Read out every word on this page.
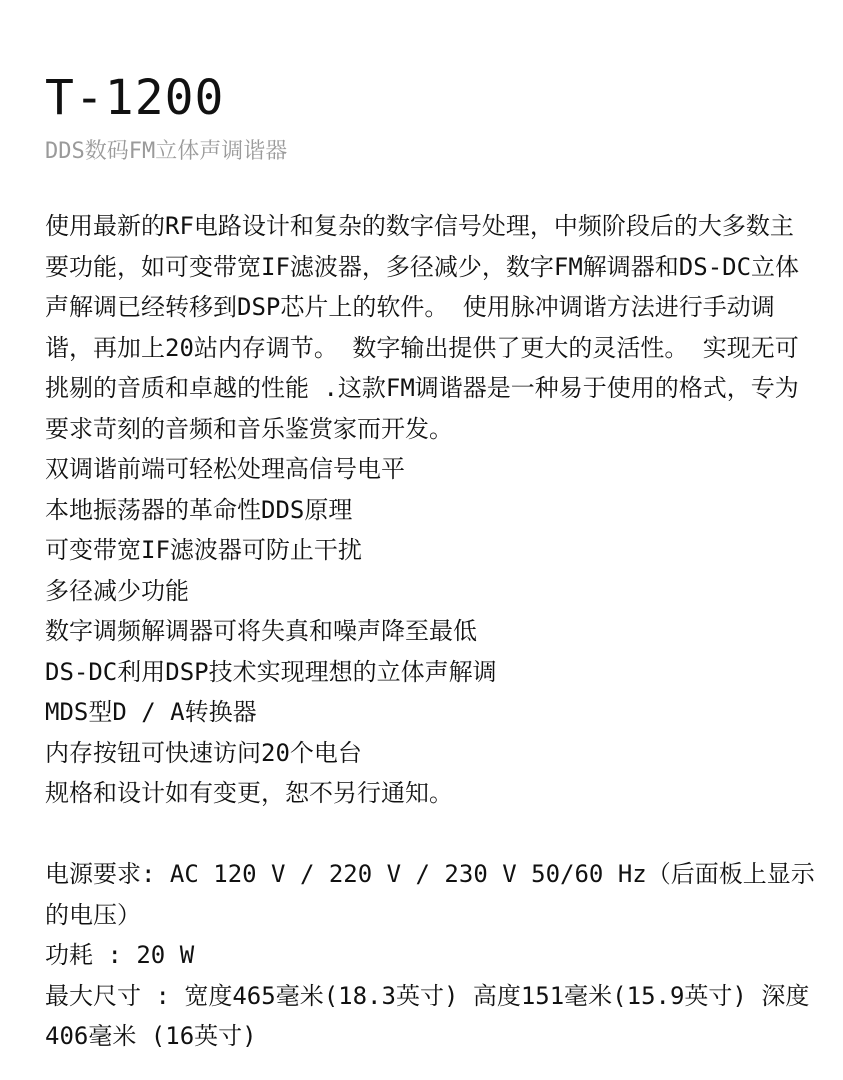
T-1200
DDS数码FM立体声调谐器

使用最新的RF电路设计和复杂的数字信号处理，中频阶段后的大多数主要功能，如可变带宽IF滤波器，多径减少，数字FM解调器和DS-DC立体声解调已经转移到DSP芯片上的软件。 使用脉冲调谐方法进行手动调谐，再加上20站内存调节。 数字输出提供了更大的灵活性。 实现无可挑剔的音质和卓越的性能 .这款FM调谐器是一种易于使用的格式，专为要求苛刻的音频和音乐鉴赏家而开发。

双调谐前端可轻松处理高信号电平
本地振荡器的革命性DDS原理
可变带宽IF滤波器可防止干扰
多径减少功能
数字调频解调器可将失真和噪声降至最低
DS-DC利用DSP技术实现理想的立体声解调
MDS型D / A转换器
内存按钮可快速访问20个电台
规格和设计如有变更，恕不另行通知。

电源要求: AC 120 V / 220 V / 230 V 50/60 Hz（后面板上显示的电压）

功耗 : 20 W

最大尺寸 : 宽度465毫米(18.3英寸) 高度151毫米(15.9英寸) 深度406毫米 (16英寸)
